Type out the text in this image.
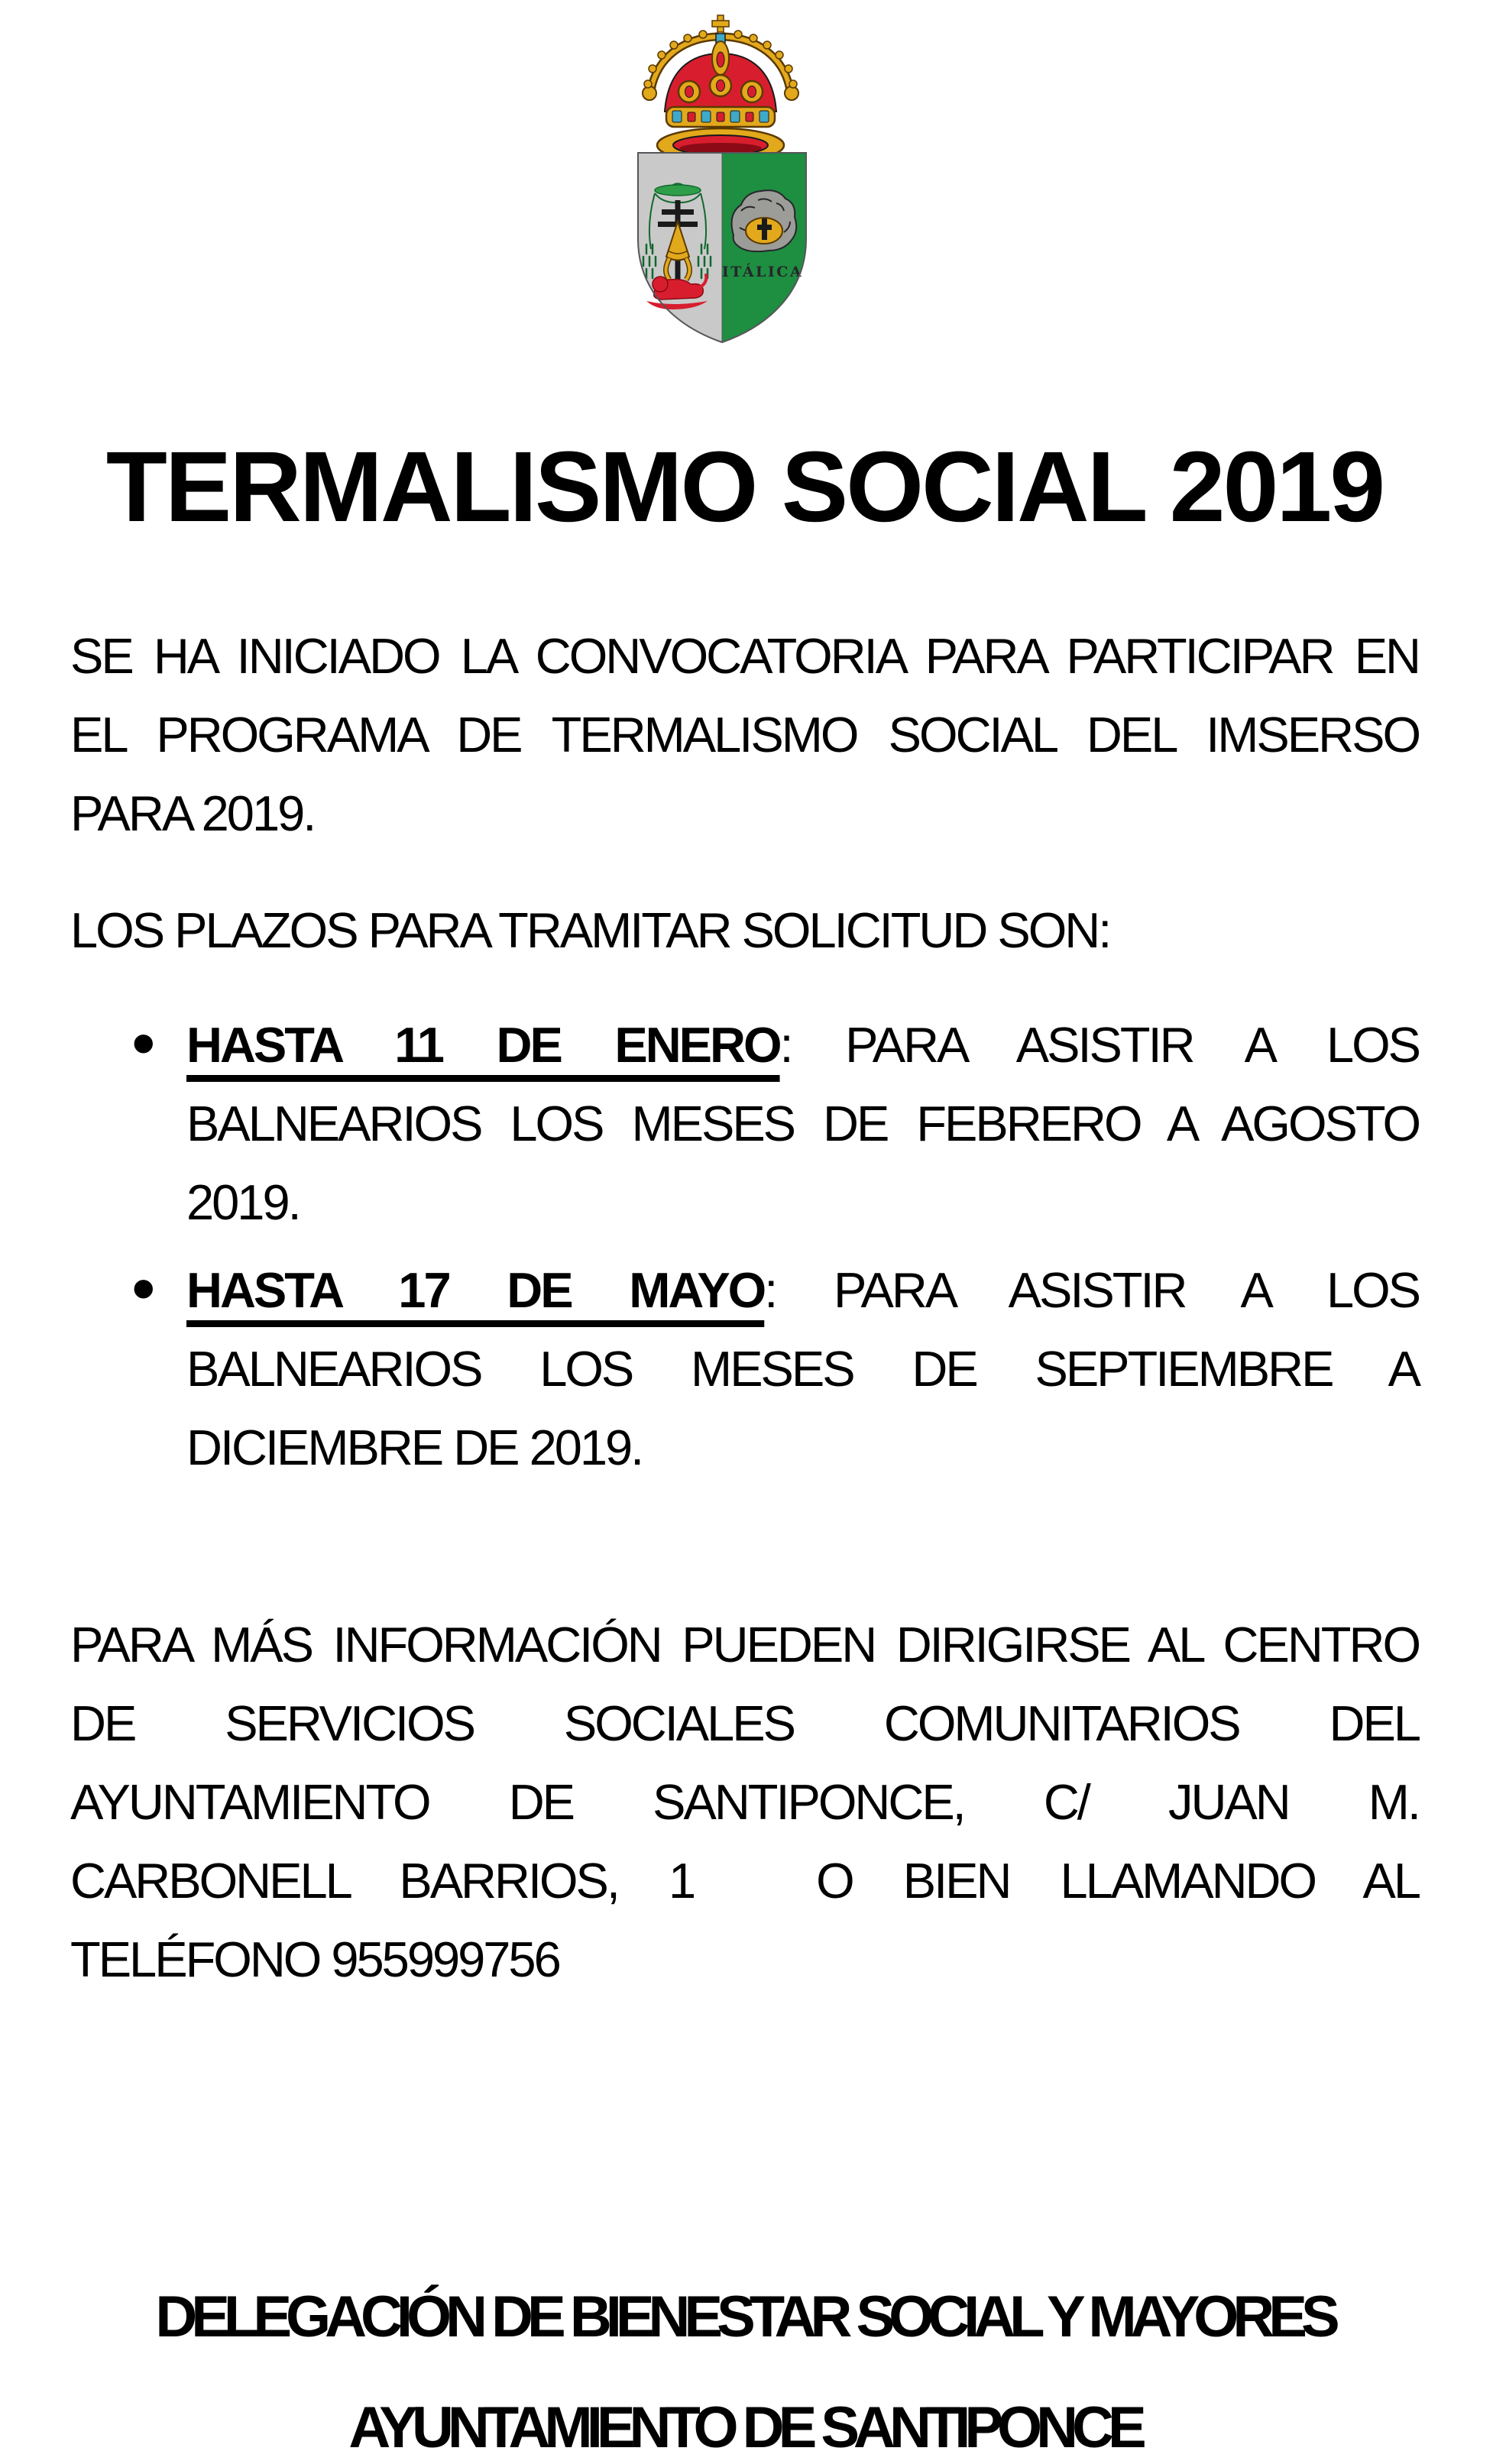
ITÁLICA
TERMALISMO SOCIAL 2019
SE HA INICIADO LA CONVOCATORIA PARA PARTICIPAR EN
EL PROGRAMA DE TERMALISMO SOCIAL DEL IMSERSO
PARA 2019.
LOS PLAZOS PARA TRAMITAR SOLICITUD SON:
• HASTA 11 DE ENERO: PARA ASISTIR A LOS
BALNEARIOS LOS MESES DE FEBRERO A AGOSTO
2019.
• HASTA 17 DE MAYO: PARA ASISTIR A LOS
BALNEARIOS LOS MESES DE SEPTIEMBRE A
DICIEMBRE DE 2019.
PARA MÁS INFORMACIÓN PUEDEN DIRIGIRSE AL CENTRO
DE SERVICIOS SOCIALES COMUNITARIOS DEL
AYUNTAMIENTO DE SANTIPONCE, C/ JUAN M.
CARBONELL BARRIOS, 1 O BIEN LLAMANDO AL
TELÉFONO 955999756
DELEGACIÓN DE BIENESTAR SOCIAL Y MAYORES
AYUNTAMIENTO DE SANTIPONCE
